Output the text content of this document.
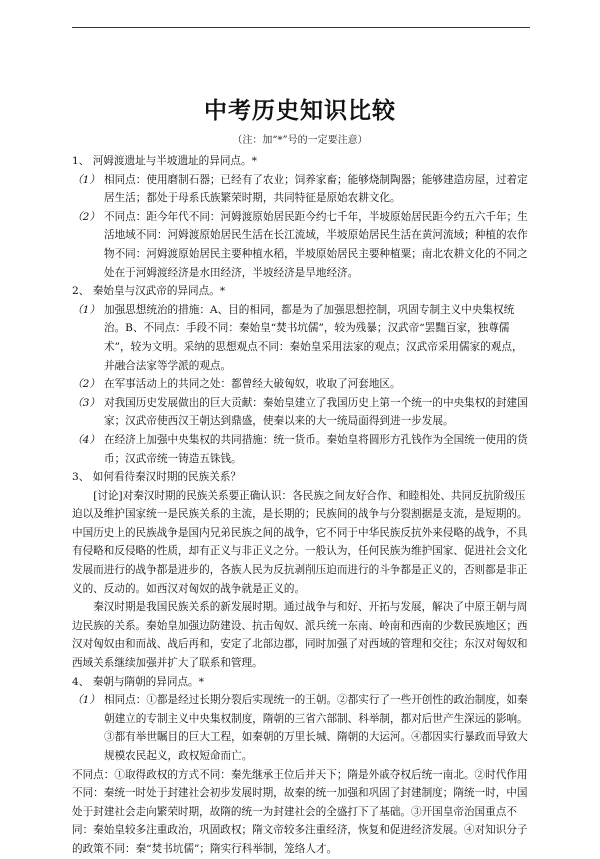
中考历史知识比较
（注：加“*”号的一定要注意）

1、 河姆渡遗址与半坡遗址的异同点。*

（1） 相同点：使用磨制石器；已经有了农业；饲养家畜；能够烧制陶器；能够建造房屋，过着定居生活；都处于母系氏族繁荣时期，共同特征是原始农耕文化。
（2） 不同点：距今年代不同：河姆渡原始居民距今约七千年，半坡原始居民距今约五六千年；生活地域不同：河姆渡原始居民生活在长江流域，半坡原始居民生活在黄河流域；种植的农作物不同：河姆渡原始居民主要种植水稻，半坡原始居民主要种植粟；南北农耕文化的不同之处在于河姆渡经济是水田经济，半坡经济是旱地经济。

2、 秦始皇与汉武帝的异同点。*

（1） 加强思想统治的措施：A、目的相同，都是为了加强思想控制，巩固专制主义中央集权统治。B、不同点：手段不同：秦始皇“焚书坑儒”，较为残暴；汉武帝“罢黜百家，独尊儒术”，较为文明。采纳的思想观点不同：秦始皇采用法家的观点；汉武帝采用儒家的观点，并融合法家等学派的观点。
（2） 在军事活动上的共同之处：都曾经大破匈奴，收取了河套地区。
（3） 对我国历史发展做出的巨大贡献：秦始皇建立了我国历史上第一个统一的中央集权的封建国家；汉武帝使西汉王朝达到鼎盛，使秦以来的大一统局面得到进一步发展。
（4） 在经济上加强中央集权的共同措施：统一货币。秦始皇将圆形方孔钱作为全国统一使用的货币；汉武帝统一铸造五铢钱。

3、 如何看待秦汉时期的民族关系？

[讨论]对秦汉时期的民族关系要正确认识：各民族之间友好合作、和睦相处、共同反抗阶级压迫以及维护国家统一是民族关系的主流，是长期的；民族间的战争与分裂割据是支流，是短期的。中国历史上的民族战争是国内兄弟民族之间的战争，它不同于中华民族反抗外来侵略的战争，不具有侵略和反侵略的性质，却有正义与非正义之分。一般认为，任何民族为维护国家、促进社会文化发展而进行的战争都是进步的，各族人民为反抗剥削压迫而进行的斗争都是正义的，否则都是非正义的、反动的。如西汉对匈奴的战争就是正义的。

秦汉时期是我国民族关系的新发展时期。通过战争与和好、开拓与发展，解决了中原王朝与周边民族的关系。秦始皇加强边防建设、抗击匈奴、派兵统一东南、岭南和西南的少数民族地区；西汉对匈奴由和而战、战后再和，安定了北部边郡，同时加强了对西域的管理和交往；东汉对匈奴和西域关系继续加强并扩大了联系和管理。

4、 秦朝与隋朝的异同点。*

（1） 相同点：①都是经过长期分裂后实现统一的王朝。②都实行了一些开创性的政治制度，如秦朝建立的专制主义中央集权制度，隋朝的三省六部制、科举制，都对后世产生深远的影响。③都有举世瞩目的巨大工程，如秦朝的万里长城、隋朝的大运河。④都因实行暴政而导致大规模农民起义，政权短命而亡。

不同点：①取得政权的方式不同：秦先继承王位后并天下；隋是外戚夺权后统一南北。②时代作用不同：秦统一时处于封建社会初步发展时期，故秦的统一加强和巩固了封建制度；隋统一时，中国处于封建社会走向繁荣时期，故隋的统一为封建社会的全盛打下了基础。③开国皇帝治国重点不同：秦始皇较多注重政治，巩固政权；隋文帝较多注重经济，恢复和促进经济发展。④对知识分子的政策不同：秦“焚书坑儒”；隋实行科举制，笼络人才。
